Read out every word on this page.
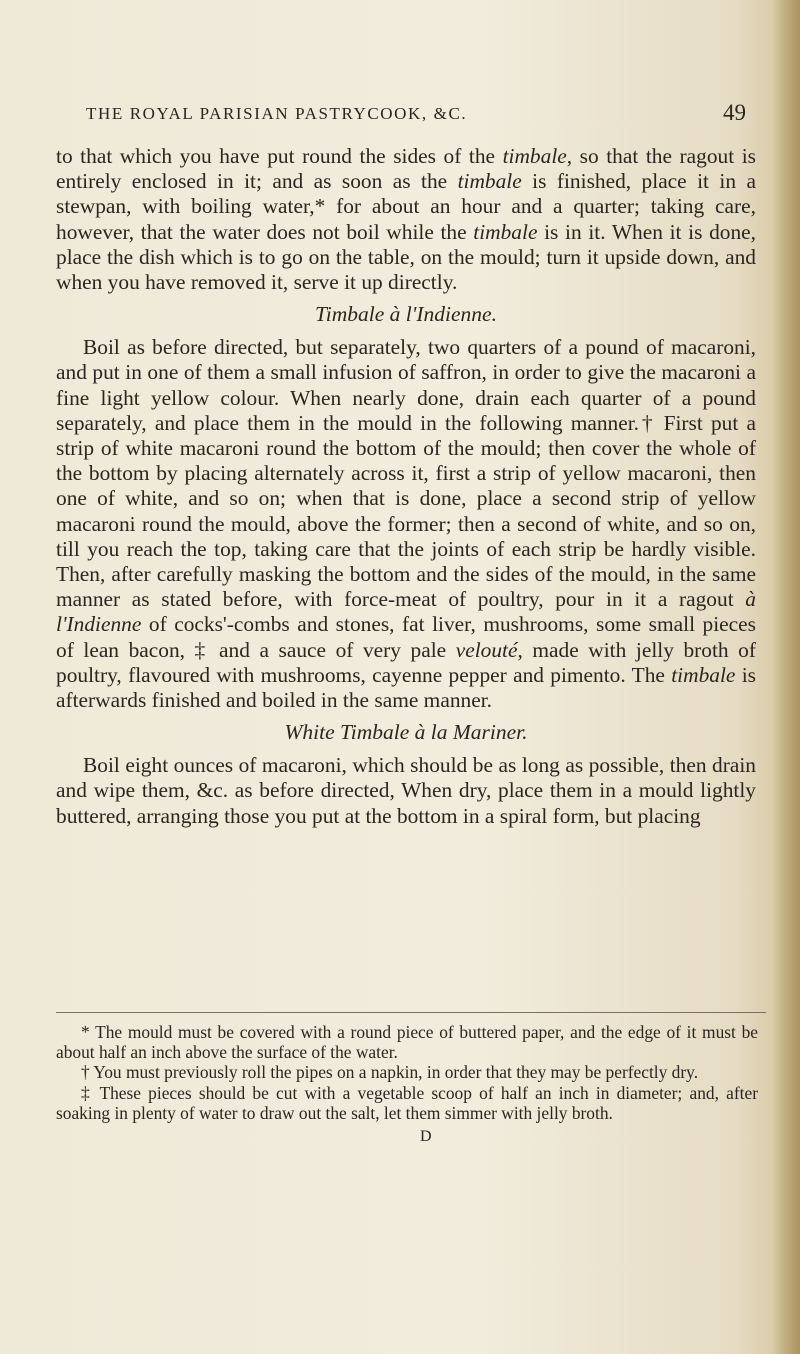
THE ROYAL PARISIAN PASTRYCOOK, &C.	49

to that which you have put round the sides of the timbale, so that the ragout is entirely enclosed in it; and as soon as the timbale is finished, place it in a stewpan, with boiling water,* for about an hour and a quarter; taking care, however, that the water does not boil while the timbale is in it. When it is done, place the dish which is to go on the table, on the mould; turn it upside down, and when you have removed it, serve it up directly.

Timbale à l'Indienne.

Boil as before directed, but separately, two quarters of a pound of macaroni, and put in one of them a small infusion of saffron, in order to give the macaroni a fine light yellow colour. When nearly done, drain each quarter of a pound separately, and place them in the mould in the following manner.† First put a strip of white macaroni round the bottom of the mould; then cover the whole of the bottom by placing alternately across it, first a strip of yellow macaroni, then one of white, and so on; when that is done, place a second strip of yellow macaroni round the mould, above the former; then a second of white, and so on, till you reach the top, taking care that the joints of each strip be hardly visible. Then, after carefully masking the bottom and the sides of the mould, in the same manner as stated before, with force-meat of poultry, pour in it a ragout à l'Indienne of cocks'-combs and stones, fat liver, mushrooms, some small pieces of lean bacon, ‡ and a sauce of very pale velouté, made with jelly broth of poultry, flavoured with mushrooms, cayenne pepper and pimento. The timbale is afterwards finished and boiled in the same manner.

White Timbale à la Mariner.

Boil eight ounces of macaroni, which should be as long as possible, then drain and wipe them, &c. as before directed, When dry, place them in a mould lightly buttered, arranging those you put at the bottom in a spiral form, but placing

* The mould must be covered with a round piece of buttered paper, and the edge of it must be about half an inch above the surface of the water.

† You must previously roll the pipes on a napkin, in order that they may be perfectly dry.

‡ These pieces should be cut with a vegetable scoop of half an inch in diameter; and, after soaking in plenty of water to draw out the salt, let them simmer with jelly broth.

D
